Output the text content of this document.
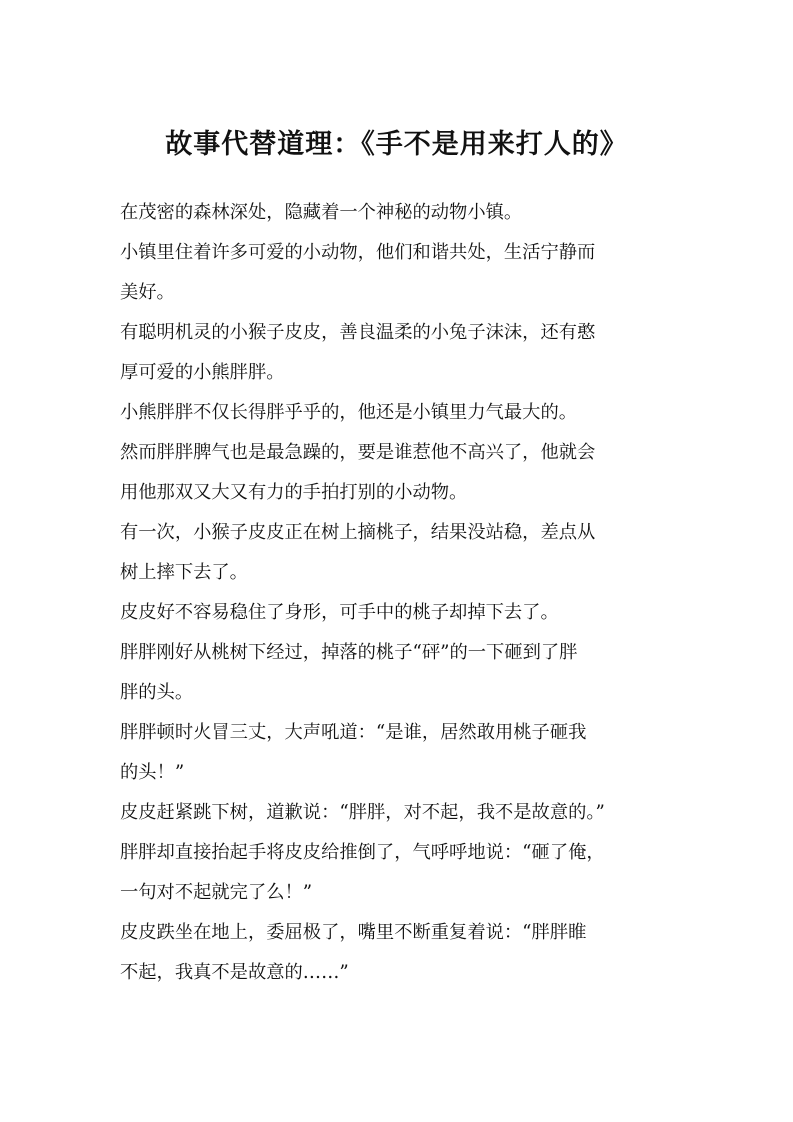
故事代替道理：《手不是用来打人的》
在茂密的森林深处，隐藏着一个神秘的动物小镇。
小镇里住着许多可爱的小动物，他们和谐共处，生活宁静而
美好。
有聪明机灵的小猴子皮皮，善良温柔的小兔子沫沫，还有憨
厚可爱的小熊胖胖。
小熊胖胖不仅长得胖乎乎的，他还是小镇里力气最大的。
然而胖胖脾气也是最急躁的，要是谁惹他不高兴了，他就会
用他那双又大又有力的手拍打别的小动物。
有一次，小猴子皮皮正在树上摘桃子，结果没站稳，差点从
树上摔下去了。
皮皮好不容易稳住了身形，可手中的桃子却掉下去了。
胖胖刚好从桃树下经过，掉落的桃子“砰”的一下砸到了胖
胖的头。
胖胖顿时火冒三丈，大声吼道：“是谁，居然敢用桃子砸我
的头！”
皮皮赶紧跳下树，道歉说：“胖胖，对不起，我不是故意的。”
胖胖却直接抬起手将皮皮给推倒了，气呼呼地说：“砸了俺，
一句对不起就完了么！”
皮皮跌坐在地上，委屈极了，嘴里不断重复着说：“胖胖睢
不起，我真不是故意的……”
